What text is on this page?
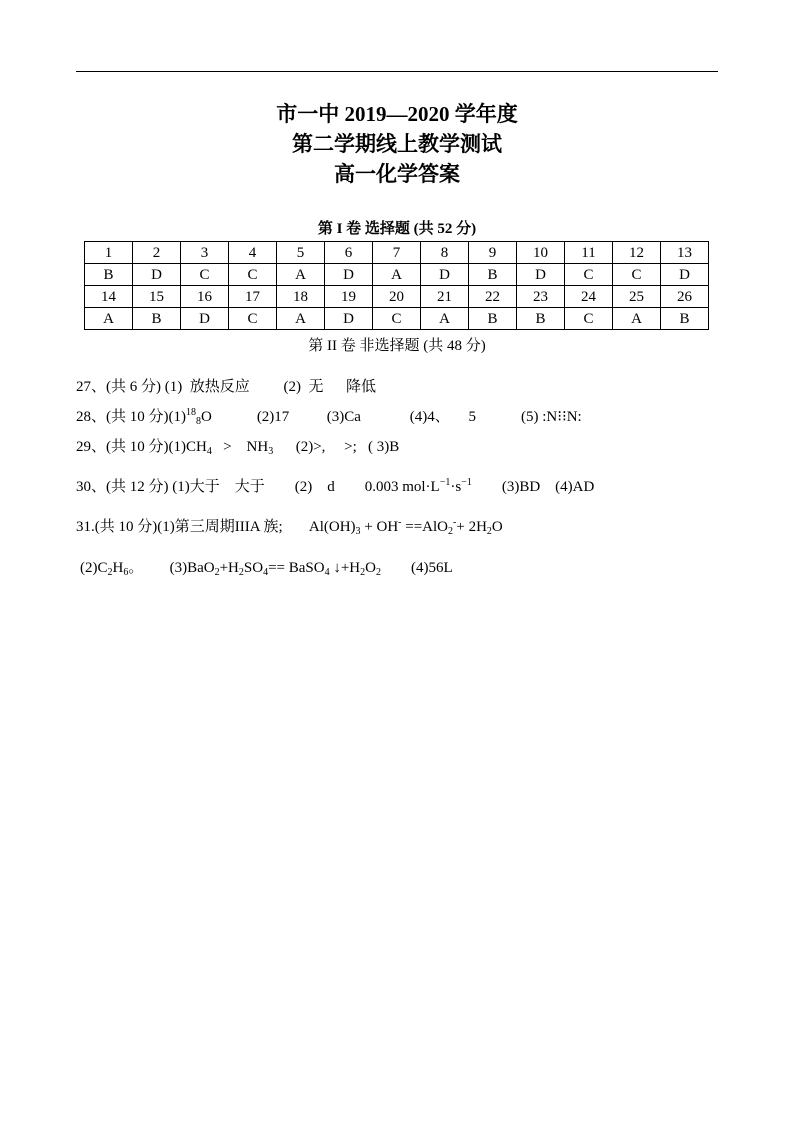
市一中 2019—2020 学年度
第二学期线上教学测试
高一化学答案
第 I 卷 选择题 (共 52 分)
1	2	3	4	5	6	7	8	9	10	11	12	13
B	D	C	C	A	D	A	D	B	D	C	C	D
14	15	16	17	18	19	20	21	22	23	24	25	26
A	B	D	C	A	D	C	A	B	B	C	A	B
第 II 卷 非选择题 (共 48 分)
27、(共 6 分) (1)  放热反应         (2)  无      降低
28、(共 10 分)$(1)^{18}_8O$            (2)17          (3)Ca             (4)4、     5            (5) :N⁝⁝N:
29、(共 10 分)$(1)CH_4$   >    $NH_3$      (2)>,     >;   ( 3)B
30、(共 12 分) (1)大于    大于        (2)    d        0.003 $mol\cdot L^{-1}\cdot s^{-1}$        (3)BD    (4)AD
31.(共 10 分)(1)第三周期IIIA 族;       $Al(OH)_3 + OH^- ==AlO_2^-+ 2H_2O$
$(2)C_2H_6$。       $(3)BaO_2+H_2SO_4==$ BaSO$_4$ $↓+H_2O_2$        (4)56L
